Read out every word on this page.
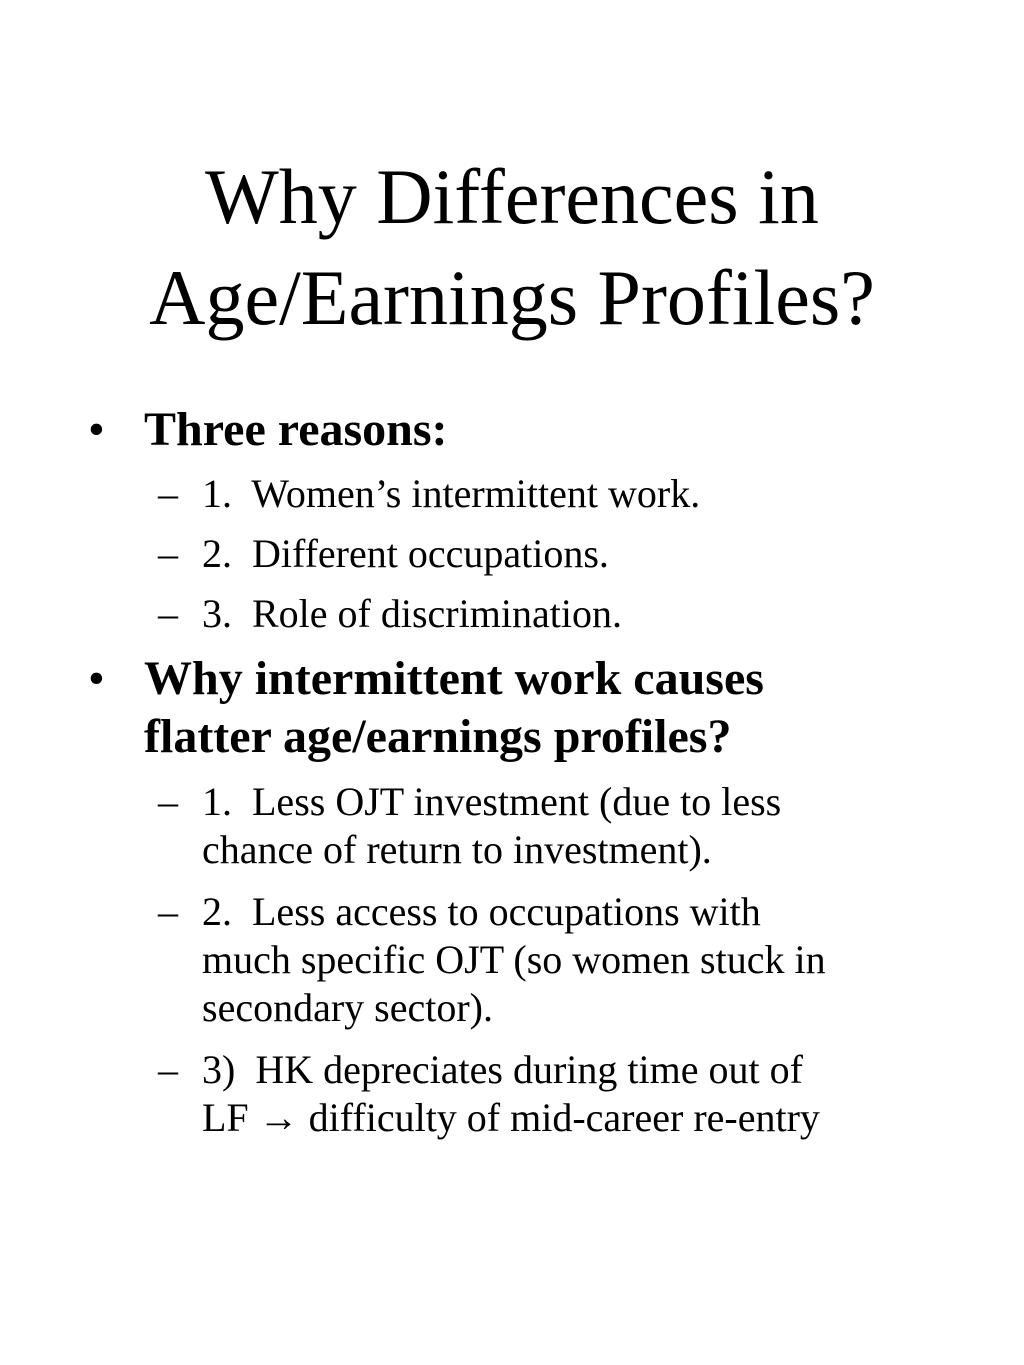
Why Differences in
Age/Earnings Profiles?
• Three reasons:
– 1.  Women’s intermittent work.
– 2.  Different occupations.
– 3.  Role of discrimination.
• Why intermittent work causes
flatter age/earnings profiles?
– 1.  Less OJT investment (due to less
chance of return to investment).
– 2.  Less access to occupations with
much specific OJT (so women stuck in
secondary sector).
– 3)  HK depreciates during time out of
LF → difficulty of mid-career re-entry
